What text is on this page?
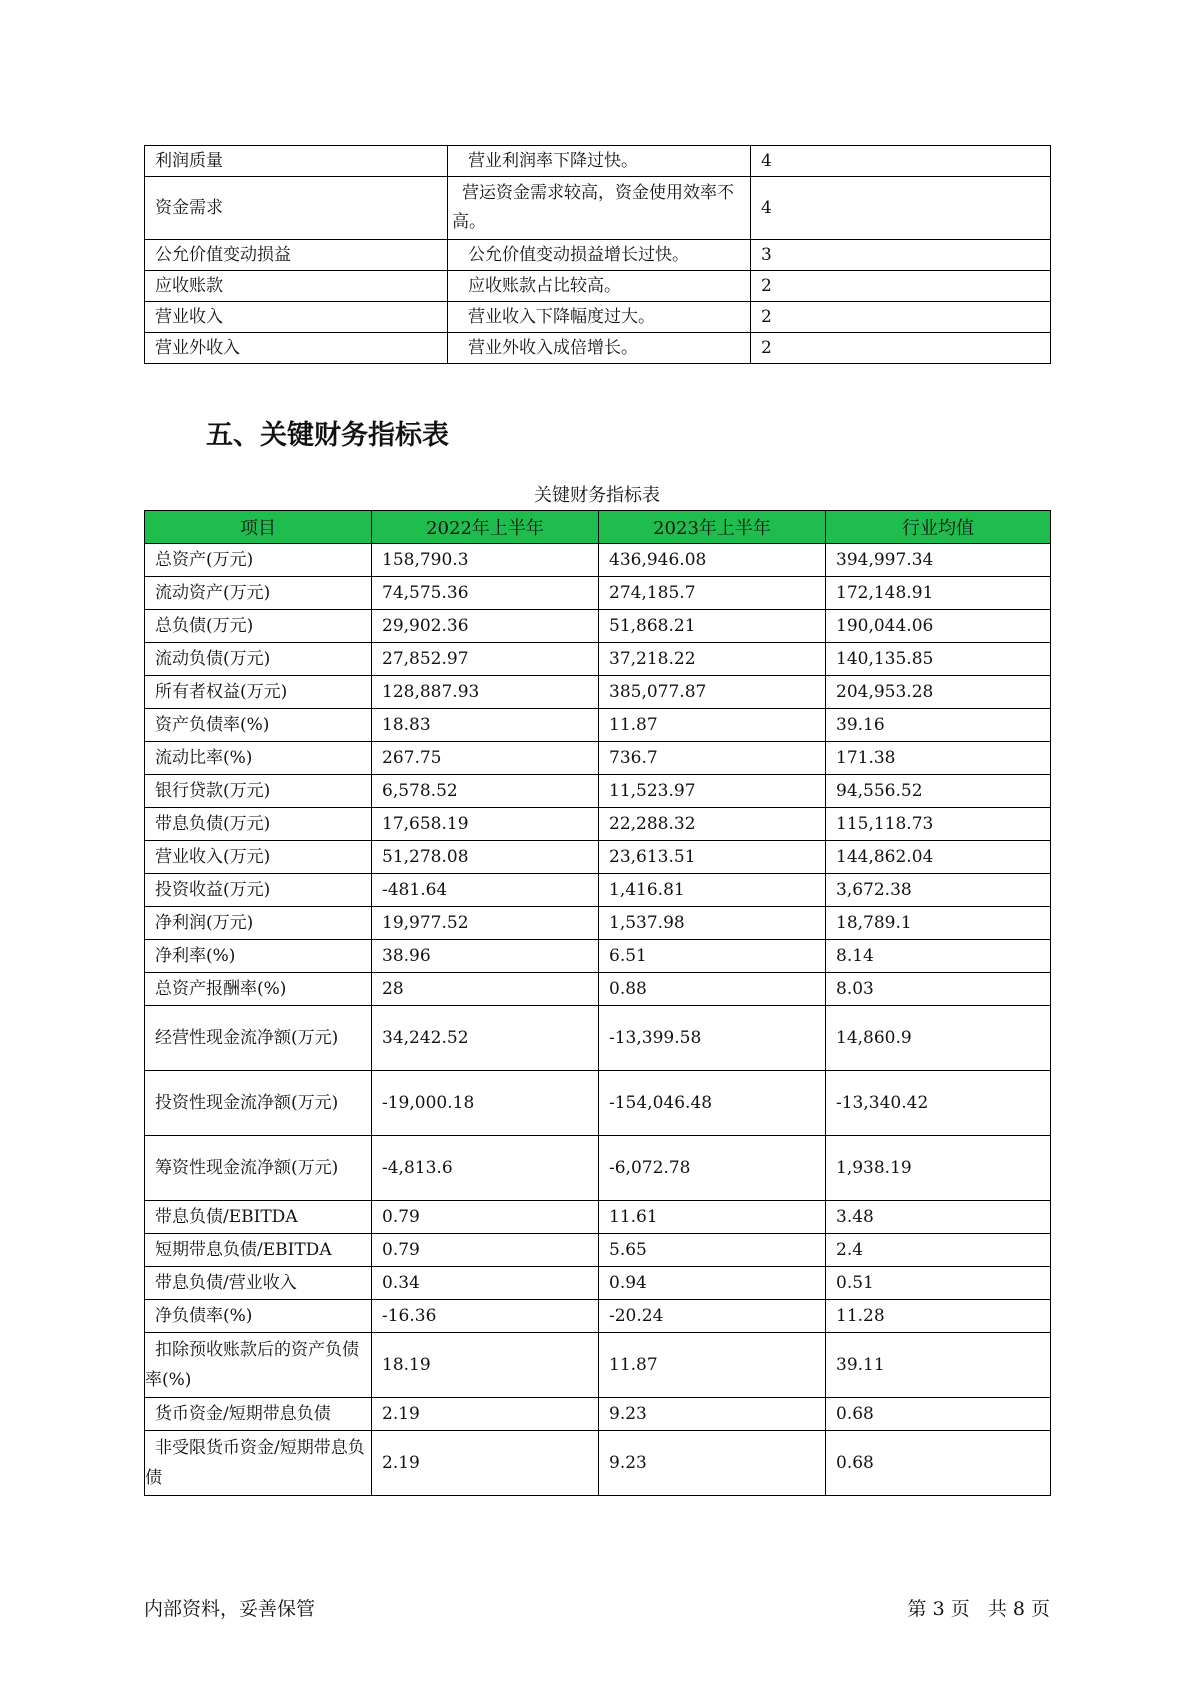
利润质量	营业利润率下降过快。	4
资金需求	营运资金需求较高，资金使用效率不高。	4
公允价值变动损益	公允价值变动损益增长过快。	3
应收账款	应收账款占比较高。	2
营业收入	营业收入下降幅度过大。	2
营业外收入	营业外收入成倍增长。	2
五、关键财务指标表
关键财务指标表
项目	2022年上半年	2023年上半年	行业均值
总资产(万元)	158,790.3	436,946.08	394,997.34
流动资产(万元)	74,575.36	274,185.7	172,148.91
总负债(万元)	29,902.36	51,868.21	190,044.06
流动负债(万元)	27,852.97	37,218.22	140,135.85
所有者权益(万元)	128,887.93	385,077.87	204,953.28
资产负债率(%)	18.83	11.87	39.16
流动比率(%)	267.75	736.7	171.38
银行贷款(万元)	6,578.52	11,523.97	94,556.52
带息负债(万元)	17,658.19	22,288.32	115,118.73
营业收入(万元)	51,278.08	23,613.51	144,862.04
投资收益(万元)	-481.64	1,416.81	3,672.38
净利润(万元)	19,977.52	1,537.98	18,789.1
净利率(%)	38.96	6.51	8.14
总资产报酬率(%)	28	0.88	8.03
经营性现金流净额(万元)	34,242.52	-13,399.58	14,860.9
投资性现金流净额(万元)	-19,000.18	-154,046.48	-13,340.42
筹资性现金流净额(万元)	-4,813.6	-6,072.78	1,938.19
带息负债/EBITDA	0.79	11.61	3.48
短期带息负债/EBITDA	0.79	5.65	2.4
带息负债/营业收入	0.34	0.94	0.51
净负债率(%)	-16.36	-20.24	11.28
扣除预收账款后的资产负债率(%)	18.19	11.87	39.11
货币资金/短期带息负债	2.19	9.23	0.68
非受限货币资金/短期带息负债	2.19	9.23	0.68
内部资料，妥善保管	第 3 页   共 8 页
